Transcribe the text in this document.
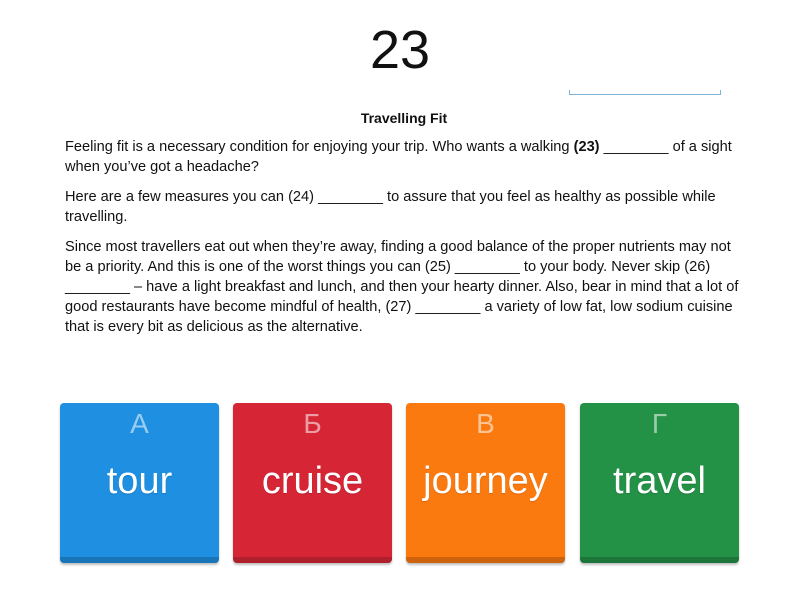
23
Travelling Fit

Feeling fit is a necessary condition for enjoying your trip. Who wants a walking (23) ________ of a sight when you’ve got a headache?

Here are a few measures you can (24) ________ to assure that you feel as healthy as possible while travelling.

Since most travellers eat out when they’re away, finding a good balance of the proper nutrients may not be a priority. And this is one of the worst things you can (25) ________ to your body. Never skip (26) ________ – have a light breakfast and lunch, and then your hearty dinner. Also, bear in mind that a lot of good restaurants have become mindful of health, (27) ________ a variety of low fat, low sodium cuisine that is every bit as delicious as the alternative.

А
tour
Б
cruise
В
journey
Г
travel
